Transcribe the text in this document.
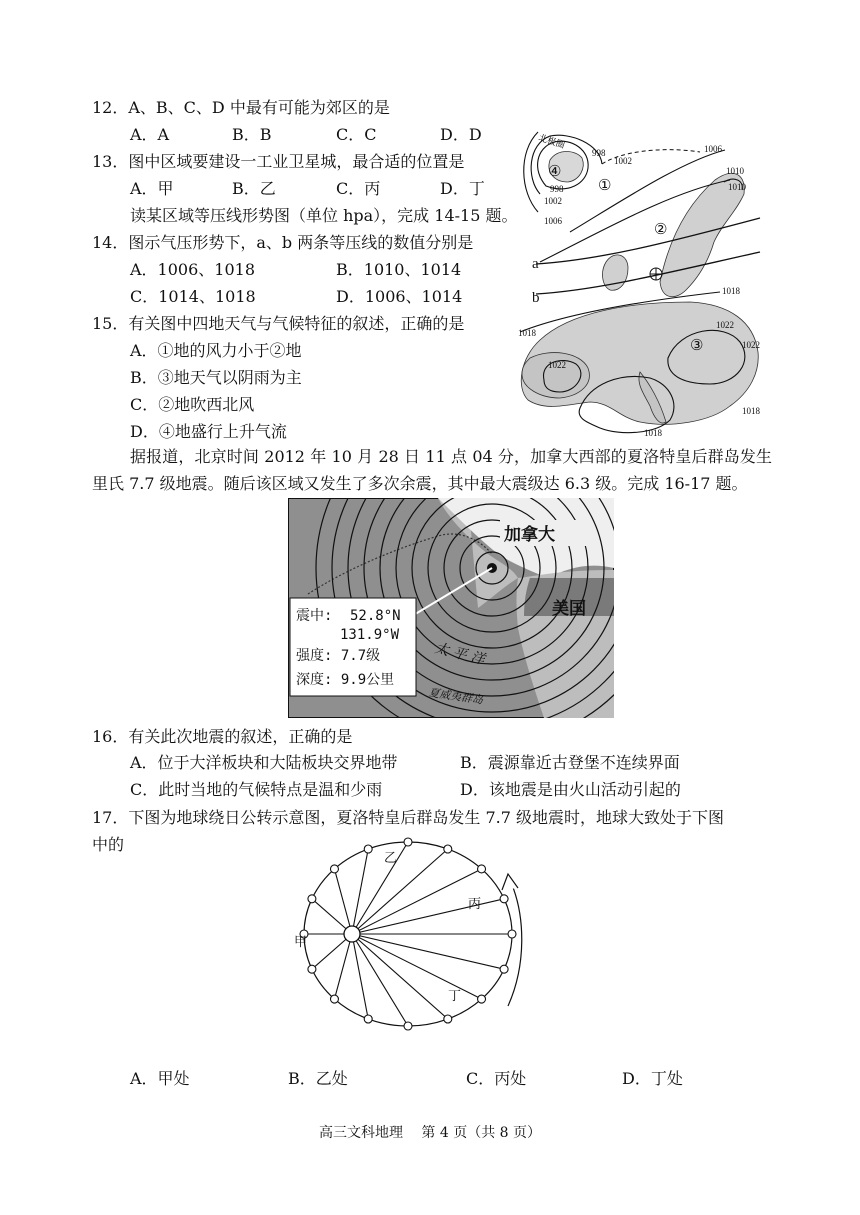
12．A、B、C、D 中最有可能为郊区的是
A．A	B．B	C．C	D．D
13．图中区域要建设一工业卫星城，最合适的位置是
A．甲	B．乙	C．丙	D．丁
读某区域等压线形势图（单位 hpa），完成 14-15 题。
14．图示气压形势下，a、b 两条等压线的数值分别是
A．1006、1018	B．1010、1014
C．1014、1018	D．1006、1014
15．有关图中四地天气与气候特征的叙述，正确的是
A．①地的风力小于②地
B．③地天气以阴雨为主
C．②地吹西北风
D．④地盛行上升气流
北极圈
998
1002
1006
1010
1010
998
1002
1006
1018
1018
1022
1022
1022
1018
1018
a
b
④
①
②
③
据报道，北京时间 2012 年 10 月 28 日 11 点 04 分，加拿大西部的夏洛特皇后群岛发生里氏 7.7 级地震。随后该区域又发生了多次余震，其中最大震级达 6.3 级。完成 16-17 题。
加拿大
美国
太 平 洋
夏威夷群岛
震中: 52.8°N
131.9°W
强度: 7.7级
深度: 9.9公里
16．有关此次地震的叙述，正确的是
A．位于大洋板块和大陆板块交界地带	B．震源靠近古登堡不连续界面
C．此时当地的气候特点是温和少雨	D．该地震是由火山活动引起的
17．下图为地球绕日公转示意图，夏洛特皇后群岛发生 7.7 级地震时，地球大致处于下图
中的
乙
丙
甲
丁
A．甲处	B．乙处	C．丙处	D．丁处
高三文科地理　 第 4 页（共 8 页）
